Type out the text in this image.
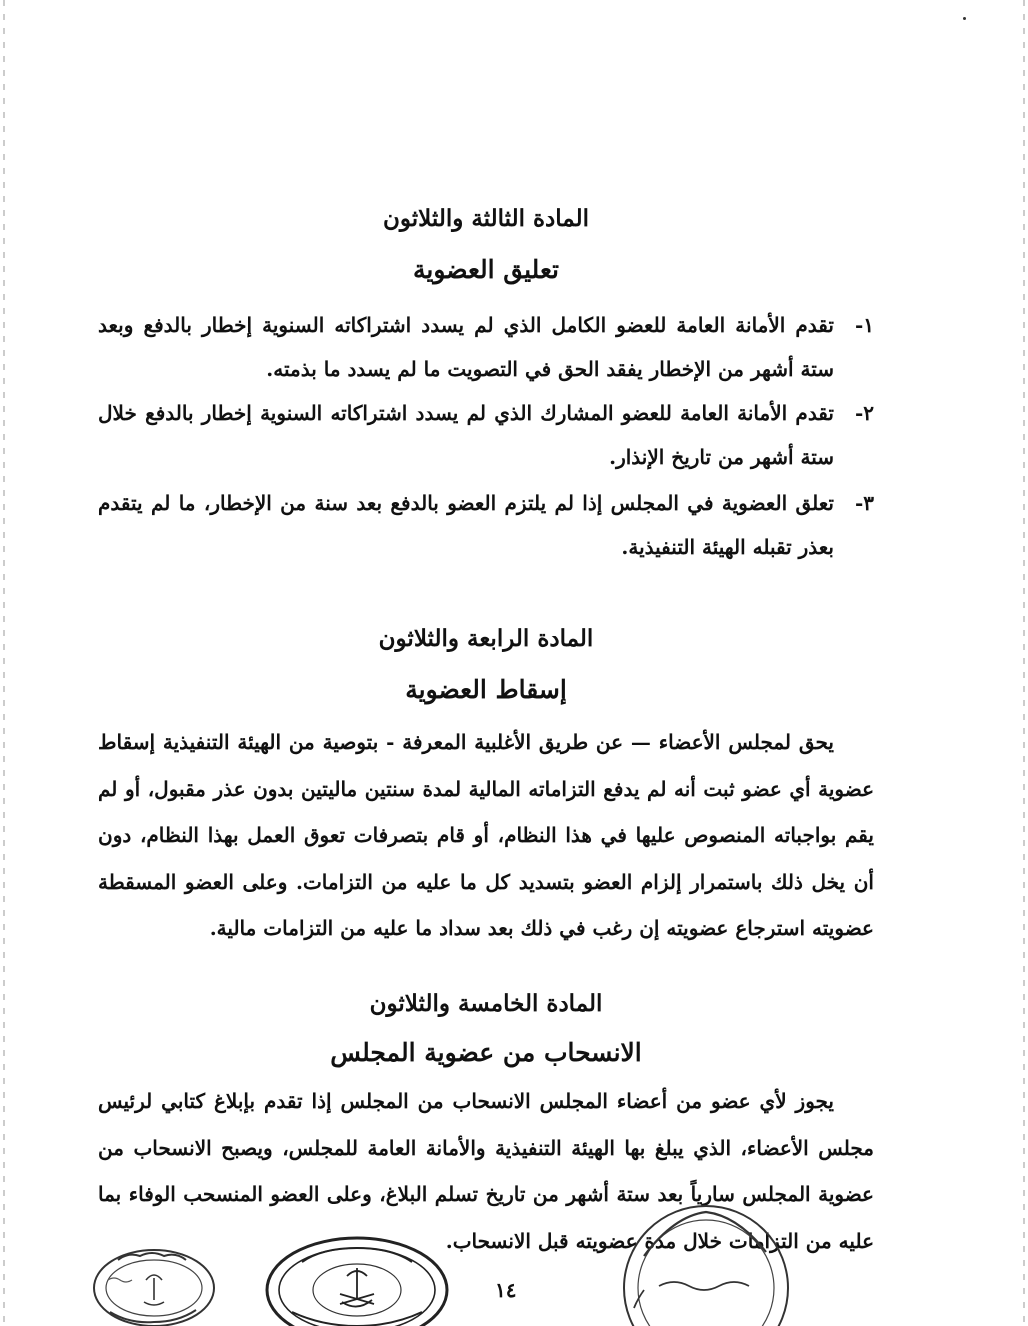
المادة الثالثة والثلاثون
تعليق العضوية
١-
تقدم الأمانة العامة للعضو الكامل الذي لم يسدد اشتراكاته السنوية إخطار بالدفع وبعد ستة أشهر من الإخطار يفقد الحق في التصويت ما لم يسدد ما بذمته.
٢-
تقدم الأمانة العامة للعضو المشارك الذي لم يسدد اشتراكاته السنوية إخطار بالدفع خلال ستة أشهر من تاريخ الإنذار.
٣-
تعلق العضوية في المجلس إذا لم يلتزم العضو بالدفع بعد سنة من الإخطار، ما لم يتقدم بعذر تقبله الهيئة التنفيذية.
المادة الرابعة والثلاثون
إسقاط العضوية
يحق لمجلس الأعضاء — عن طريق الأغلبية المعرفة - بتوصية من الهيئة التنفيذية إسقاط عضوية أي عضو ثبت أنه لم يدفع التزاماته المالية لمدة سنتين ماليتين بدون عذر مقبول، أو لم يقم بواجباته المنصوص عليها في هذا النظام، أو قام بتصرفات تعوق العمل بهذا النظام، دون أن يخل ذلك باستمرار إلزام العضو بتسديد كل ما عليه من التزامات. وعلى العضو المسقطة عضويته استرجاع عضويته إن رغب في ذلك بعد سداد ما عليه من التزامات مالية.
المادة الخامسة والثلاثون
الانسحاب من عضوية المجلس
يجوز لأي عضو من أعضاء المجلس الانسحاب من المجلس إذا تقدم بإبلاغ كتابي لرئيس مجلس الأعضاء، الذي يبلغ بها الهيئة التنفيذية والأمانة العامة للمجلس، ويصبح الانسحاب من عضوية المجلس سارياً بعد ستة أشهر من تاريخ تسلم البلاغ، وعلى العضو المنسحب الوفاء بما عليه من التزامات خلال مدة عضويته قبل الانسحاب.
١٤
